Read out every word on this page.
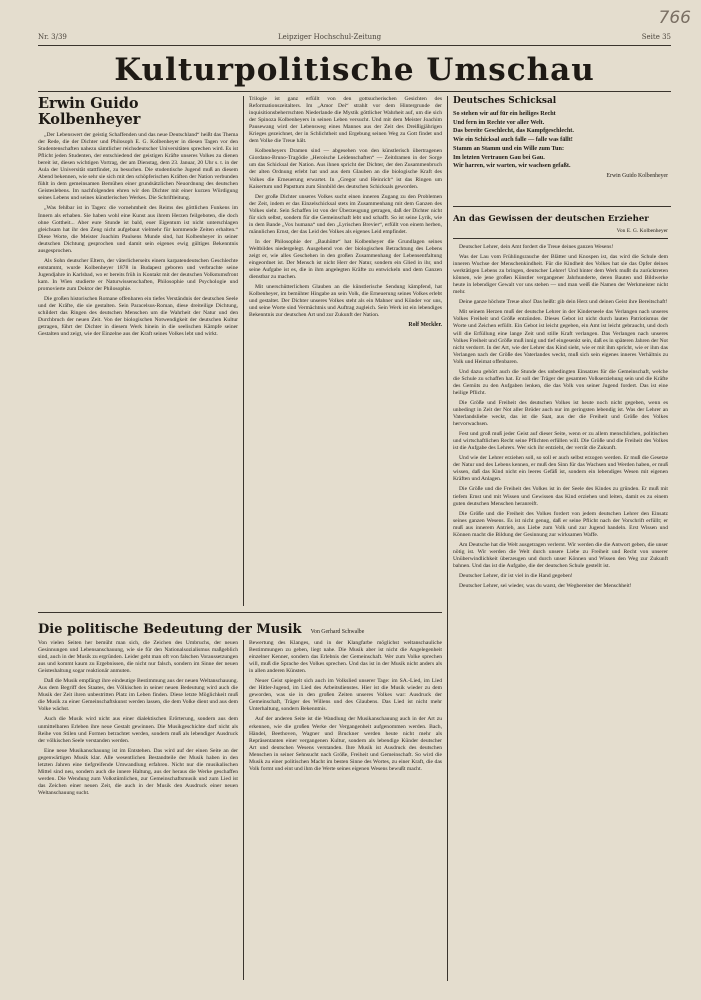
766
Nr. 3/39	Leipziger Hochschul-Zeitung	Seite 35
Kulturpolitische Umschau
Erwin Guido Kolbenheyer

„Der Lebenswert der geistig Schaffenden und das neue Deutschland“ heißt das Thema der Rede, die der Dichter und Philosoph E. G. Kolbenheyer in diesen Tagen vor den Studentenschaften nahezu sämtlicher reichsdeutscher Universitäten sprechen wird. Es ist Pflicht jeden Studenten, der entschiedend der geistigen Kräfte unseres Volkes zu dienen bereit ist, diesen wichtigen Vortrag, der am Dienstag, dem 23. Januar, 20 Uhr s. t. in der Aula der Universität stattfindet, zu besuchen. Die studentische Jugend muß an diesem Abend bekennen, wie sehr sie sich mit den schöpferischen Kräften der Nation verbunden fühlt in dem gemeinsamen Bemühen einer grundsätzlichen Neuordnung des deutschen Geisteslebens. Im nachfolgenden ehren wir den Dichter mit einer kurzen Würdigung seines Lebens und seines künstlerischen Werkes. Die Schriftleitung.

„Was fehlbar ist in Tagen: die vornehmheit des Reims des göttlichen Funkens im Innern als erhaben. Sie haben wohl eine Kunst aus ihrem Herzen feilgeboten, die doch ohne Gottheit... Aber eure Stunde ist bald, euer Eigentum ist nicht unterschlagen gleichsam hat ihr den Zeng nicht aufgebaut vielmehr für kommende Zeiten erhalten.“ Diese Worte, die Meister Joachim Paulsens Munde sind, hat Kolbenheyer in seiner deutschen Dichtung gesprochen und damit sein eigenes ewig gültiges Bekenntnis ausgesprochen.

Als Sohn deutscher Eltern, der väterlicherseits einem karpatendeutschen Geschlechte entstammt, wurde Kolbenheyer 1878 in Budapest geboren und verbrachte seine Jugendjahre in Karlsbad, wo er bereits früh in Kontakt mit der deutschen Volkstumsfront kam. In Wien studierte er Naturwissenschaften, Philosophie und Psychologie und promovierte zum Doktor der Philosophie.

Die großen historischen Romane offenbaren ein tiefes Verständnis der deutschen Seele und der Kräfte, die sie gestalten. Sein Paracelsus-Roman, diese dreiteilige Dichtung, schildert das Ringen des deutschen Menschen um die Wahrheit der Natur und den Durchbruch der neuen Zeit. Von der biologischen Notwendigkeit der deutschen Kultur getragen, führt der Dichter in diesem Werk hinein in die seelischen Kämpfe seiner Gestalten und zeigt, wie der Einzelne aus der Kraft seines Volkes lebt und wirkt.

Trilogie ist ganz erfüllt von den gottsucherischen Gesichten des Reformationszeitalters. Im „Amor Dei“ strahlt vor dem Hintergrunde der inquisitionsbeherrschten Niederlande die Mystik göttlicher Wahrheit auf, um die sich der Spinoza Kolbenheyers in seinen Leben versucht. Und mit dem Meister Joachim Pausewang wird der Lebensweg eines Mannes aus der Zeit des Dreißigjährigen Krieges gezeichnet, der in Schlichtheit und Ergebung seinen Weg zu Gott findet und dem Volke die Treue hält.

Kolbenheyers Dramen sind — abgesehen von den künstlerisch übertragenen Giordano-Bruno-Tragödie „Heroische Leidenschaften“ — Zeitdramen in der Sorge um das Schicksal der Nation. Aus ihnen spricht der Dichter, der den Zusammenbruch der alten Ordnung erlebt hat und aus dem Glauben an die biologische Kraft des Volkes die Erneuerung erwartet. In „Gregor und Heinrich“ ist das Ringen um Kaisertum und Papsttum zum Sinnbild des deutschen Schicksals geworden.

Der große Dichter unseres Volkes sucht einen inneren Zugang zu den Problemen der Zeit, indem er das Einzelschicksal stets im Zusammenhang mit dem Ganzen des Volkes sieht. Sein Schaffen ist von der Überzeugung getragen, daß der Dichter nicht für sich selbst, sondern für die Gemeinschaft lebt und schafft. So ist seine Lyrik, wie in dem Bande „Vox humana“ und den „Lyrischen Brevier“, erfüllt von einem herben, männlichen Ernst, der das Leid des Volkes als eigenes Leid empfindet.

In der Philosophie der „Bauhütte“ hat Kolbenheyer die Grundlagen seines Weltbildes niedergelegt. Ausgehend von der biologischen Betrachtung des Lebens zeigt er, wie alles Geschehen in den großen Zusammenhang der Lebensentfaltung eingeordnet ist. Der Mensch ist nicht Herr der Natur, sondern ein Glied in ihr, und seine Aufgabe ist es, die in ihm angelegten Kräfte zu entwickeln und dem Ganzen dienstbar zu machen.

Mit unerschütterlichem Glauben an die künstlerische Sendung kämpfend, hat Kolbenheyer, im bemühter Hingabe an sein Volk, die Erneuerung seines Volkes erlebt und gestaltet. Der Dichter unseres Volkes steht als ein Mahner und Künder vor uns, und seine Worte sind Vermächtnis und Auftrag zugleich. Sein Werk ist ein lebendiges Bekenntnis zur deutschen Art und zur Zukunft der Nation.

Rolf Meckler.
Deutsches Schicksal
So stehen wir auf für ein heiliges Recht
Und fern im Rechte vor aller Welt.
Das bereite Geschlecht, das Kampfgeschlecht.
Wie ein Schicksal auch falle — falle was fällt!
Stamm an Stamm und ein Wille zum Tun:
Im letzten Vertrauen Gau bei Gau.
Wir harren, wir warten, wir wachsen gefaßt.
Erwin Guido Kolbenheyer
An das Gewissen der deutschen Erzieher
Von E. G. Kolbenheyer

Deutscher Lehrer, dein Amt fordert die Treue deines ganzen Wesens!

Was der Lau vom Frühlingsrauche der Blätter und Knospen ist, das wird die Schule dem inneren Wuchse der Menschenkindheit. Für die Kindheit des Volkes hat sie das Opfer deines werktätigen Lebens zu bringen, deutscher Lehrer! Und hinter dem Werk mußt du zurücktreten können, wie jene großen Künstler vergangener Jahrhunderte, deren Bauten und Bildwerke heute in lebendiger Gewalt vor uns stehen — und man weiß die Namen der Werkmeister nicht mehr.

Deine ganze höchste Treue also! Das heißt: gib dein Herz und deinen Geist ihre Bereitschaft!

Mit seinem Herzen muß der deutsche Lehrer in der Kinderseele das Verlangen nach unseres Volkes Freiheit und Größe entzünden. Dieses Gebot ist nicht durch lauten Patriotismus der Worte und Zeichen erfüllt. Ein Gebot ist leicht gegeben, ein Amt ist leicht gebraucht, und doch will die Erfüllung eine lange Zeit und stille Kraft verlangen. Das Verlangen nach unseres Volkes Freiheit und Größe muß innig und tief eingesenkt sein, daß es in späteren Jahren der Not nicht verdorrt. In der Art, wie der Lehrer das Kind sieht, wie er mit ihm spricht, wie er ihm das Verlangen nach der Größe des Vaterlandes weckt, muß sich sein eigenes inneres Verhältnis zu Volk und Heimat offenbaren.

Und dazu gehört auch die Stunde des unbedingten Einsatzes für die Gemeinschaft, welche die Schule zu schaffen hat. Er soll der Träger der gesamten Volkserziehung sein und die Kräfte des Gemüts zu den Aufgaben lenken, die das Volk von seiner Jugend fordert. Das ist eine heilige Pflicht.

Die Größe und Freiheit des deutschen Volkes ist heute noch nicht gegeben, wenn es unbedingt in Zeit der Not aller Brüder auch nur im geringsten lebendig ist. Was der Lehrer an Vaterlandsliebe weckt, das ist die Saat, aus der die Freiheit und Größe des Volkes hervorwachsen.

Fest und groß muß jeder Geist auf dieser Seite, wenn er zu allem menschlichen, politischen und wirtschaftlichen Recht seine Pflichten erfüllen will. Die Größe und die Freiheit des Volkes ist die Aufgabe des Lehrers. Wer sich ihr entzieht, der verrät die Zukunft.

Und wie der Lehrer erziehen soll, so soll er auch selbst erzogen werden. Er muß die Gesetze der Natur und des Lebens kennen, er muß den Sinn für das Wachsen und Werden haben, er muß wissen, daß das Kind nicht ein leeres Gefäß ist, sondern ein lebendiges Wesen mit eigenen Kräften und Anlagen.

Die Größe und die Freiheit des Volkes ist in der Seele des Kindes zu gründen. Er muß mit tiefem Ernst und mit Wissen und Gewissen das Kind erziehen und leiten, damit es zu einem guten deutschen Menschen heranreift.

Die Größe und die Freiheit des Volkes fordert von jedem deutschen Lehrer den Einsatz seines ganzen Wesens. Es ist nicht genug, daß er seine Pflicht nach der Vorschrift erfüllt; er muß aus innerem Antrieb, aus Liebe zum Volk und zur Jugend handeln. Erst Wissen und Können macht die Bildung der Gesinnung zur wirksamen Waffe.

Am Deutsche hat die Welt ausgetragen verlernt. Wir werden die die Antwort geben, die unser nötig ist. Wir werden die Welt durch unsere Liebe zu Freiheit und Recht von unserer Unüberwindlichkeit überzeugen und durch unser Können und Wissen den Weg zur Zukunft bahnen. Und das ist die Aufgabe, die der deutschen Schule gestellt ist.

Deutscher Lehrer, dir ist viel in die Hand gegeben!

Deutscher Lehrer, sei wieder, was du warst, der Wegbereiter der Menschheit!

Die politische Bedeutung der Musik Von Gerhard Schwalbe

Von vielen Seiten her bemüht man sich, die Zeichen des Umbruchs, der neuen Gesinnungen und Lebensanschauung, wie sie für den Nationalsozialismus maßgeblich sind, auch in der Musik zu ergründen. Leider geht man oft von falschen Voraussetzungen aus und kommt kaum zu Ergebnissen, die nicht nur falsch, sondern im Sinne der neuen Geisteshaltung sogar reaktionär anmuten.

Daß die Musik empfängt ihre eindeutige Bestimmung aus der neuen Weltanschauung. Aus dem Begriff des Staates, des Völkischen in seiner neuen Bedeutung wird auch die Musik der Zeit ihren unbestritten Platz im Leben finden. Diese letzte Möglichkeit muß die Musik zu einer Gemeinschaftskunst werden lassen, die dem Volke dient und aus dem Volke wächst.

Auch die Musik wird nicht aus einer dialektischen Erörterung, sondern aus dem unmittelbaren Erleben ihre neue Gestalt gewinnen. Die Musikgeschichte darf nicht als Reihe von Stilen und Formen betrachtet werden, sondern muß als lebendiger Ausdruck der völkischen Seele verstanden werden.

Eine neue Musikanschauung ist im Entstehen. Das wird auf der einen Seite an der gegenwärtigen Musik klar. Alle wesentlichen Bestandteile der Musik haben in den letzten Jahren eine tiefgreifende Umwandlung erfahren. Nicht nur die musikalischen Mittel sind neu, sondern auch die innere Haltung, aus der heraus die Werke geschaffen werden. Die Wendung zum Volkstümlichen, zur Gemeinschaftsmusik und zum Lied ist das Zeichen einer neuen Zeit, die auch in der Musik den Ausdruck einer neuen Weltanschauung sucht.

Bewertung des Klanges, und in der Klangfarbe möglichst weltanschauliche Bestimmungen zu geben, liegt nahe. Die Musik aber ist nicht die Angelegenheit einzelner Kenner, sondern das Erlebnis der Gemeinschaft. Wer zum Volke sprechen will, muß die Sprache des Volkes sprechen. Und das ist in der Musik nicht anders als in allen anderen Künsten.

Neuer Geist spiegelt sich auch im Volkslied unserer Tage: im SA.-Lied, im Lied der Hitler-Jugend, im Lied des Arbeitsdienstes. Hier ist die Musik wieder zu dem geworden, was sie in den großen Zeiten unseres Volkes war: Ausdruck der Gemeinschaft, Träger des Willens und des Glaubens. Das Lied ist nicht mehr Unterhaltung, sondern Bekenntnis.

Auf der anderen Seite ist die Wandlung der Musikanschauung auch in der Art zu erkennen, wie die großen Werke der Vergangenheit aufgenommen werden. Bach, Händel, Beethoven, Wagner und Bruckner werden heute nicht mehr als Repräsentanten einer vergangenen Kultur, sondern als lebendige Künder deutscher Art und deutschen Wesens verstanden. Ihre Musik ist Ausdruck des deutschen Menschen in seiner Sehnsucht nach Größe, Freiheit und Gemeinschaft. So wird die Musik zu einer politischen Macht im besten Sinne des Wortes, zu einer Kraft, die das Volk formt und eint und ihm die Werte seines eigenen Wesens bewußt macht.
